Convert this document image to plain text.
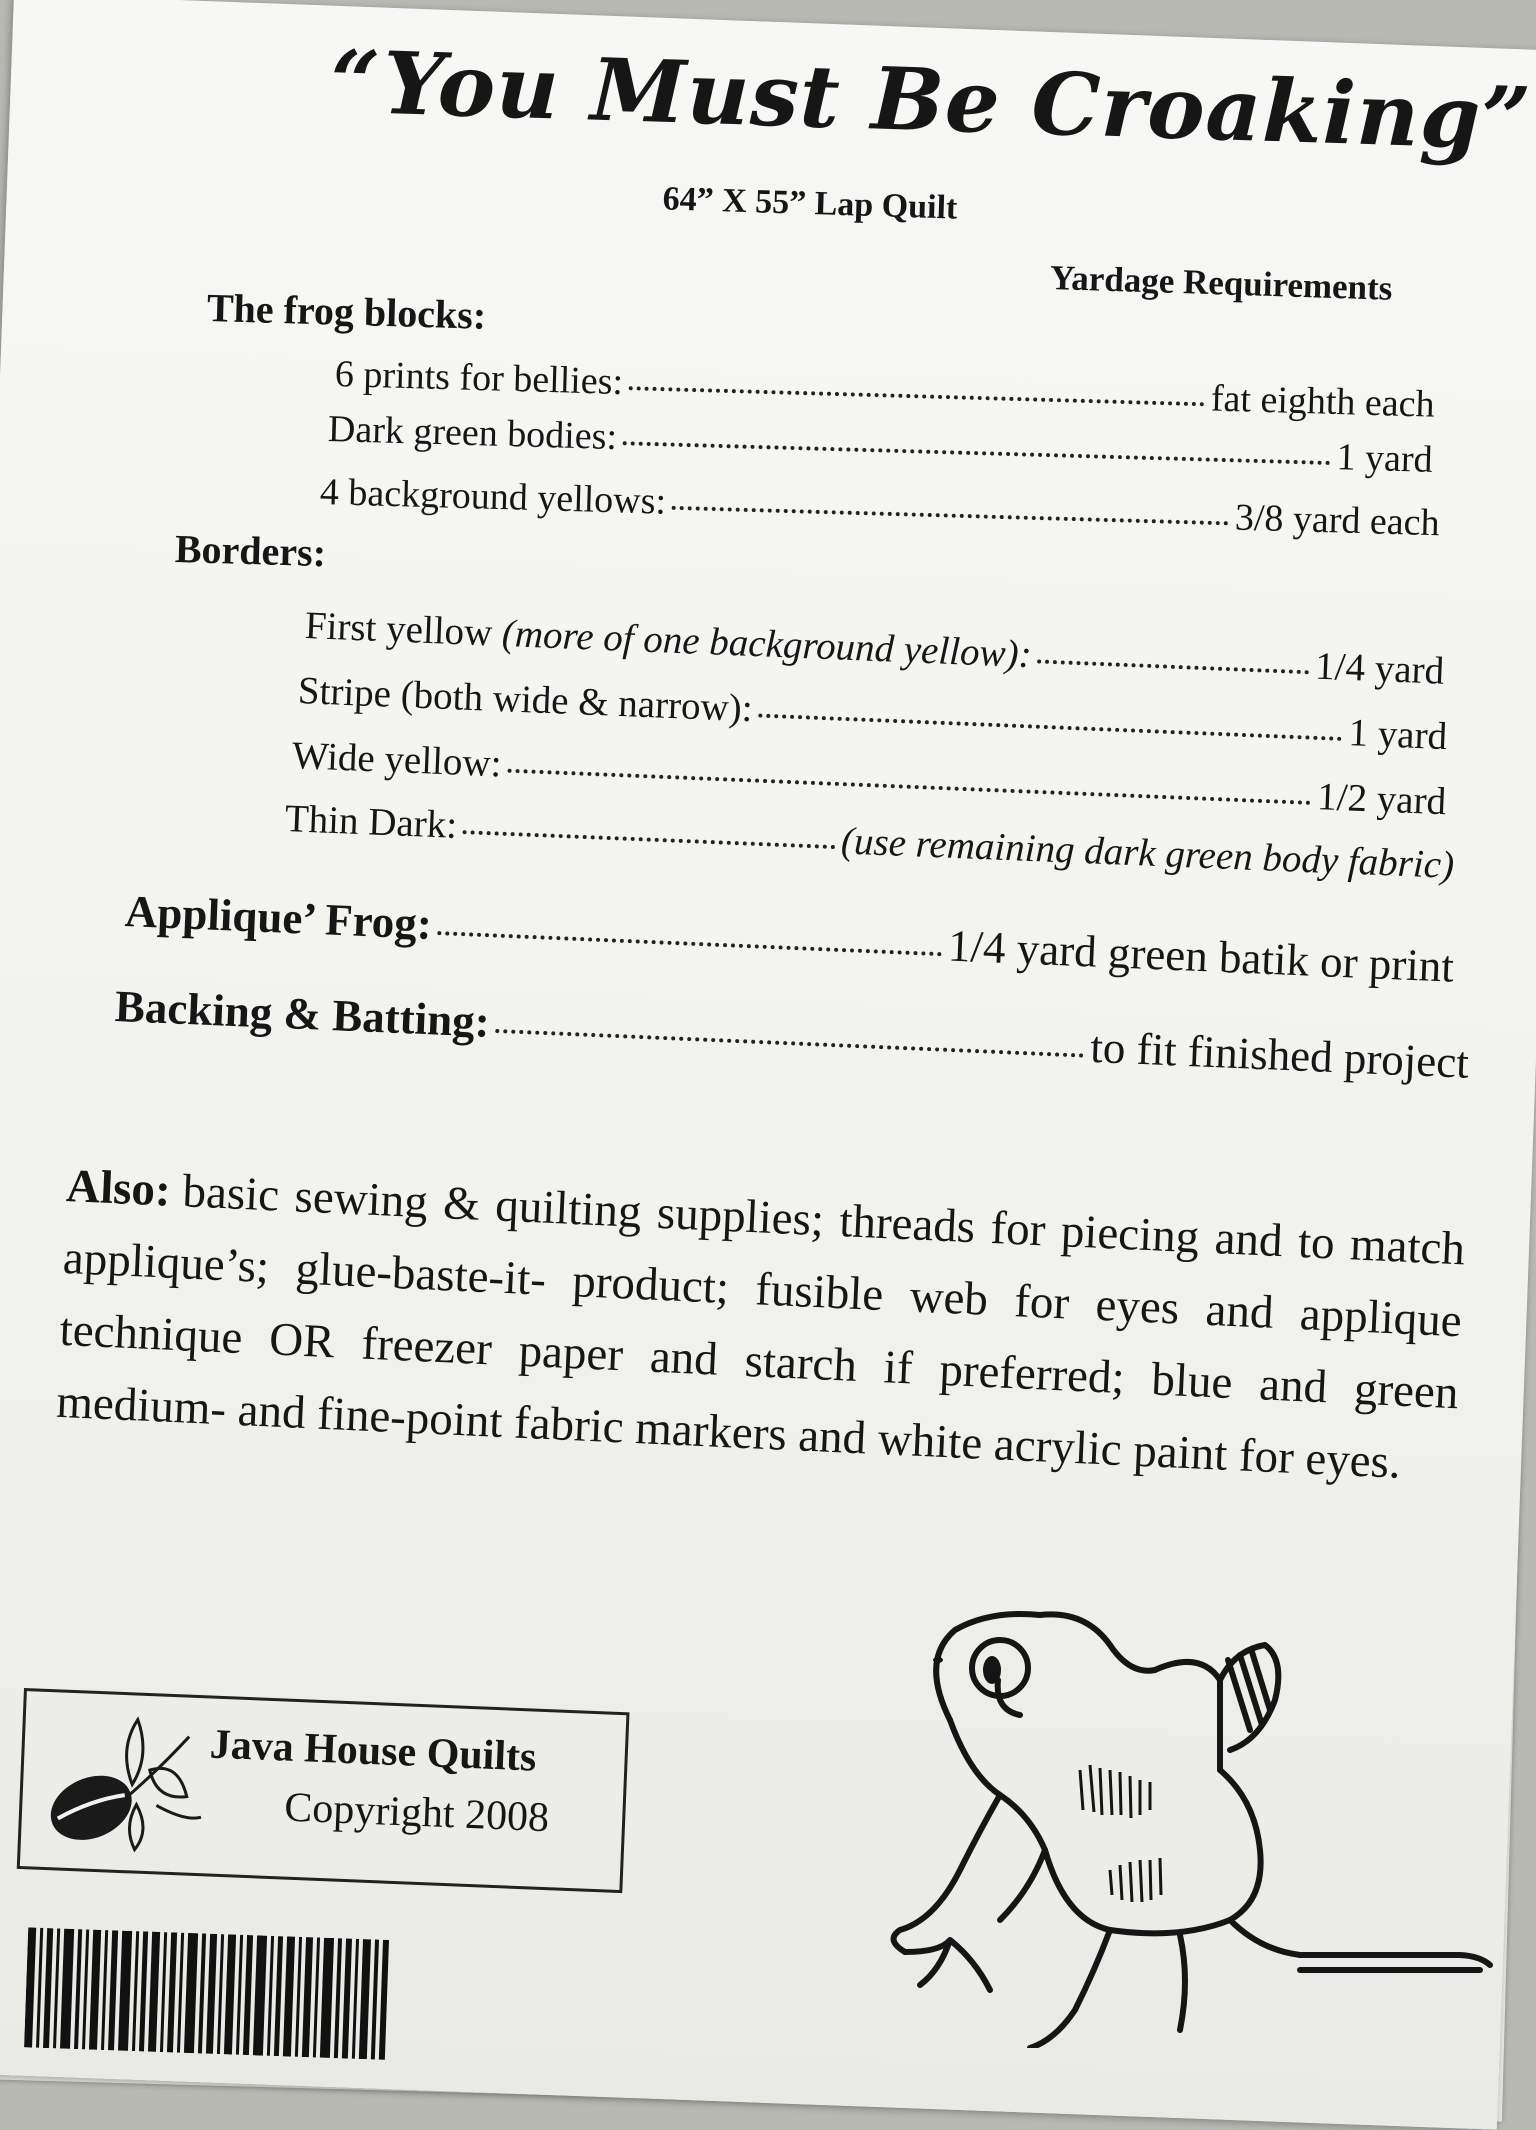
“You Must Be Croaking”
64” X 55” Lap Quilt
Yardage Requirements
The frog blocks:
6 prints for bellies:	fat eighth each
Dark green bodies:
1 yard
4 background yellows:	3/8 yard each
Borders:
First yellow (more of one background yellow):	1/4 yard
Stripe (both wide & narrow):
1 yard
Wide yellow:
1/2 yard
Thin Dark:	(use remaining dark green body fabric)
Applique’ Frog:
1/4 yard green batik or print
Backing & Batting:
to fit finished project
Also: basic sewing & quilting supplies; threads for piecing and to match applique’s; glue-baste-it- product; fusible web for eyes and applique technique OR freezer paper and starch if preferred; blue and green medium- and fine-point fabric markers and white acrylic paint for eyes.
Java House Quilts
Copyright 2008
